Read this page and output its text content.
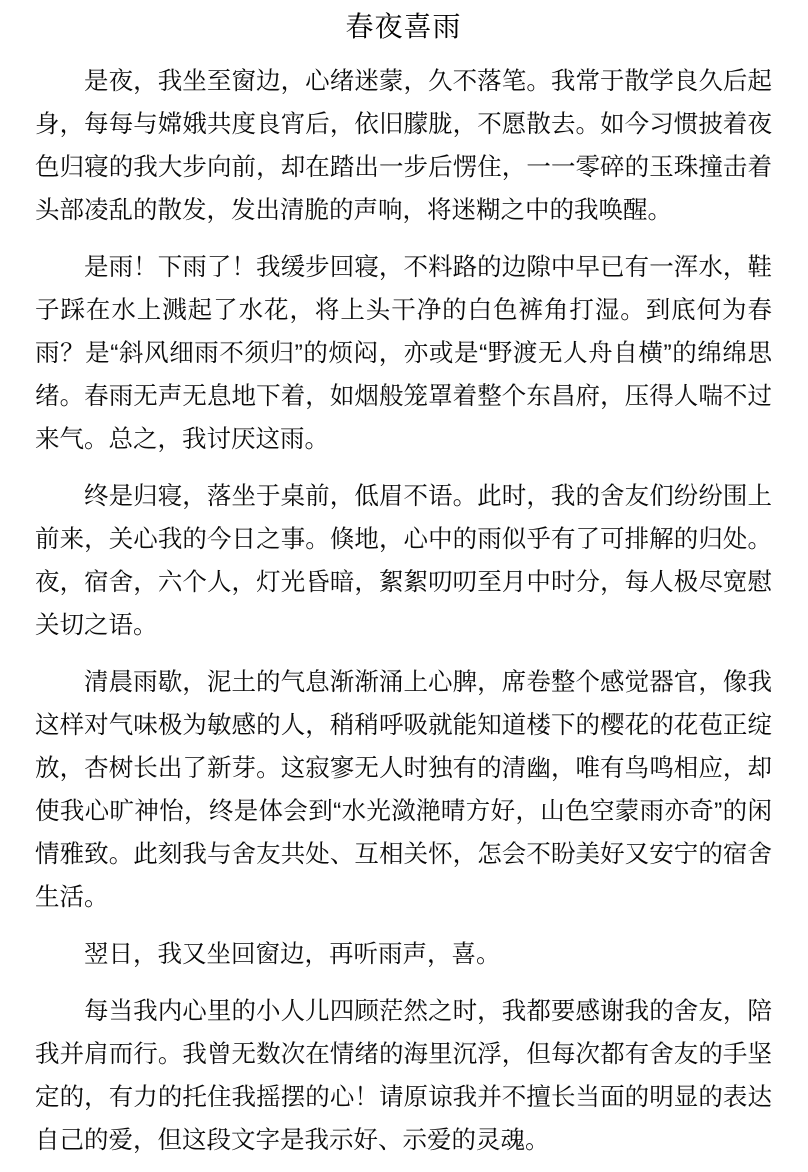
春夜喜雨

是夜，我坐至窗边，心绪迷蒙，久不落笔。我常于散学良久后起身，每每与嫦娥共度良宵后，依旧朦胧，不愿散去。如今习惯披着夜色归寝的我大步向前，却在踏出一步后愣住，一一零碎的玉珠撞击着头部凌乱的散发，发出清脆的声响，将迷糊之中的我唤醒。

是雨！下雨了！我缓步回寝，不料路的边隙中早已有一浑水，鞋子踩在水上溅起了水花，将上头干净的白色裤角打湿。到底何为春雨？是“斜风细雨不须归”的烦闷，亦或是“野渡无人舟自横”的绵绵思绪。春雨无声无息地下着，如烟般笼罩着整个东昌府，压得人喘不过来气。总之，我讨厌这雨。

终是归寝，落坐于桌前，低眉不语。此时，我的舍友们纷纷围上前来，关心我的今日之事。倏地，心中的雨似乎有了可排解的归处。夜，宿舍，六个人，灯光昏暗，絮絮叨叨至月中时分，每人极尽宽慰关切之语。

清晨雨歇，泥土的气息渐渐涌上心脾，席卷整个感觉器官，像我这样对气味极为敏感的人，稍稍呼吸就能知道楼下的樱花的花苞正绽放，杏树长出了新芽。这寂寥无人时独有的清幽，唯有鸟鸣相应，却使我心旷神怡，终是体会到“水光潋滟晴方好，山色空蒙雨亦奇”的闲情雅致。此刻我与舍友共处、互相关怀，怎会不盼美好又安宁的宿舍生活。

翌日，我又坐回窗边，再听雨声，喜。

每当我内心里的小人儿四顾茫然之时，我都要感谢我的舍友，陪我并肩而行。我曾无数次在情绪的海里沉浮，但每次都有舍友的手坚定的，有力的托住我摇摆的心！请原谅我并不擅长当面的明显的表达自己的爱，但这段文字是我示好、示爱的灵魂。
